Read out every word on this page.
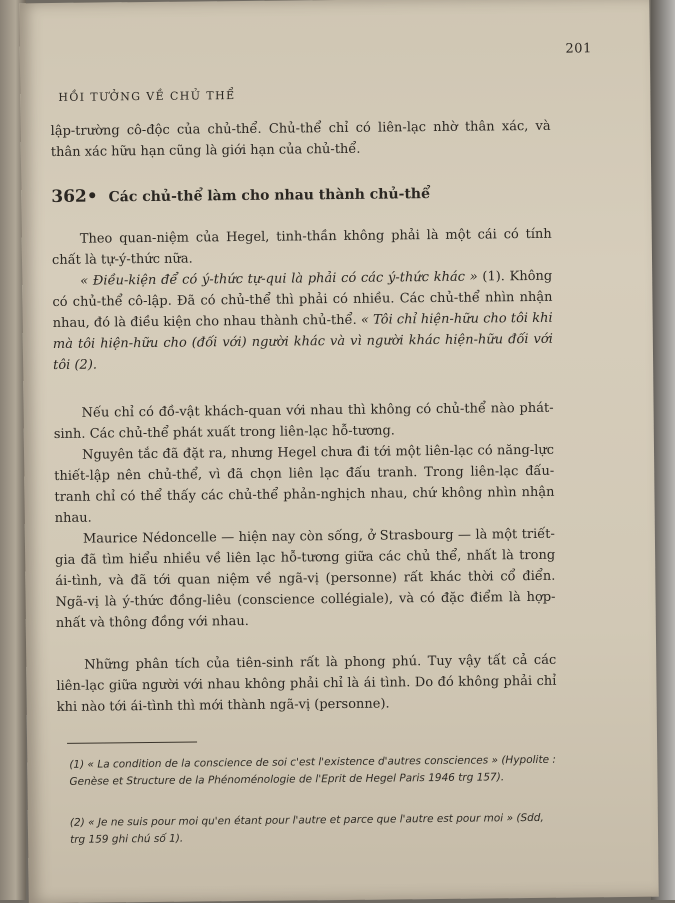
201
HỒI TƯỞNG VỀ CHỦ THỂ
lập-trường cô-độc của chủ-thể. Chủ-thể chỉ có liên-lạc nhờ thân xác, và thân xác hữu hạn cũng là giới hạn của chủ-thể.
362• Các chủ-thể làm cho nhau thành chủ-thể
Theo quan-niệm của Hegel, tinh-thần không phải là một cái có tính chất là tự-ý-thức nữa.
« Điều-kiện để có ý-thức tự-qui là phải có các ý-thức khác » (1). Không có chủ-thể cô-lập. Đã có chủ-thể thì phải có nhiều. Các chủ-thể nhìn nhận nhau, đó là điều kiện cho nhau thành chủ-thể. « Tôi chỉ hiện-hữu cho tôi khi mà tôi hiện-hữu cho (đối với) người khác và vì người khác hiện-hữu đối với tôi (2).
Nếu chỉ có đồ-vật khách-quan với nhau thì không có chủ-thể nào phát-sinh. Các chủ-thể phát xuất trong liên-lạc hỗ-tương.
Nguyên tắc đã đặt ra, nhưng Hegel chưa đi tới một liên-lạc có năng-lực thiết-lập nên chủ-thể, vì đã chọn liên lạc đấu tranh. Trong liên-lạc đấu-tranh chỉ có thể thấy các chủ-thể phản-nghịch nhau, chứ không nhìn nhận nhau.
Maurice Nédoncelle — hiện nay còn sống, ở Strasbourg — là một triết-gia đã tìm hiểu nhiều về liên lạc hỗ-tương giữa các chủ thể, nhất là trong ái-tình, và đã tới quan niệm về ngã-vị (personne) rất khác thời cổ điển. Ngã-vị là ý-thức đồng-liêu (conscience collégiale), và có đặc điểm là hợp-nhất và thông đồng với nhau.
Những phân tích của tiên-sinh rất là phong phú. Tuy vậy tất cả các liên-lạc giữa người với nhau không phải chỉ là ái tình. Do đó không phải chỉ khi nào tới ái-tình thì mới thành ngã-vị (personne).
(1) « La condition de la conscience de soi c'est l'existence d'autres consciences » (Hypolite : Genèse et Structure de la Phénoménologie de l'Eprit de Hegel Paris 1946 trg 157).
(2) « Je ne suis pour moi qu'en étant pour l'autre et parce que l'autre est pour moi » (Sdd, trg 159 ghi chú số 1).
